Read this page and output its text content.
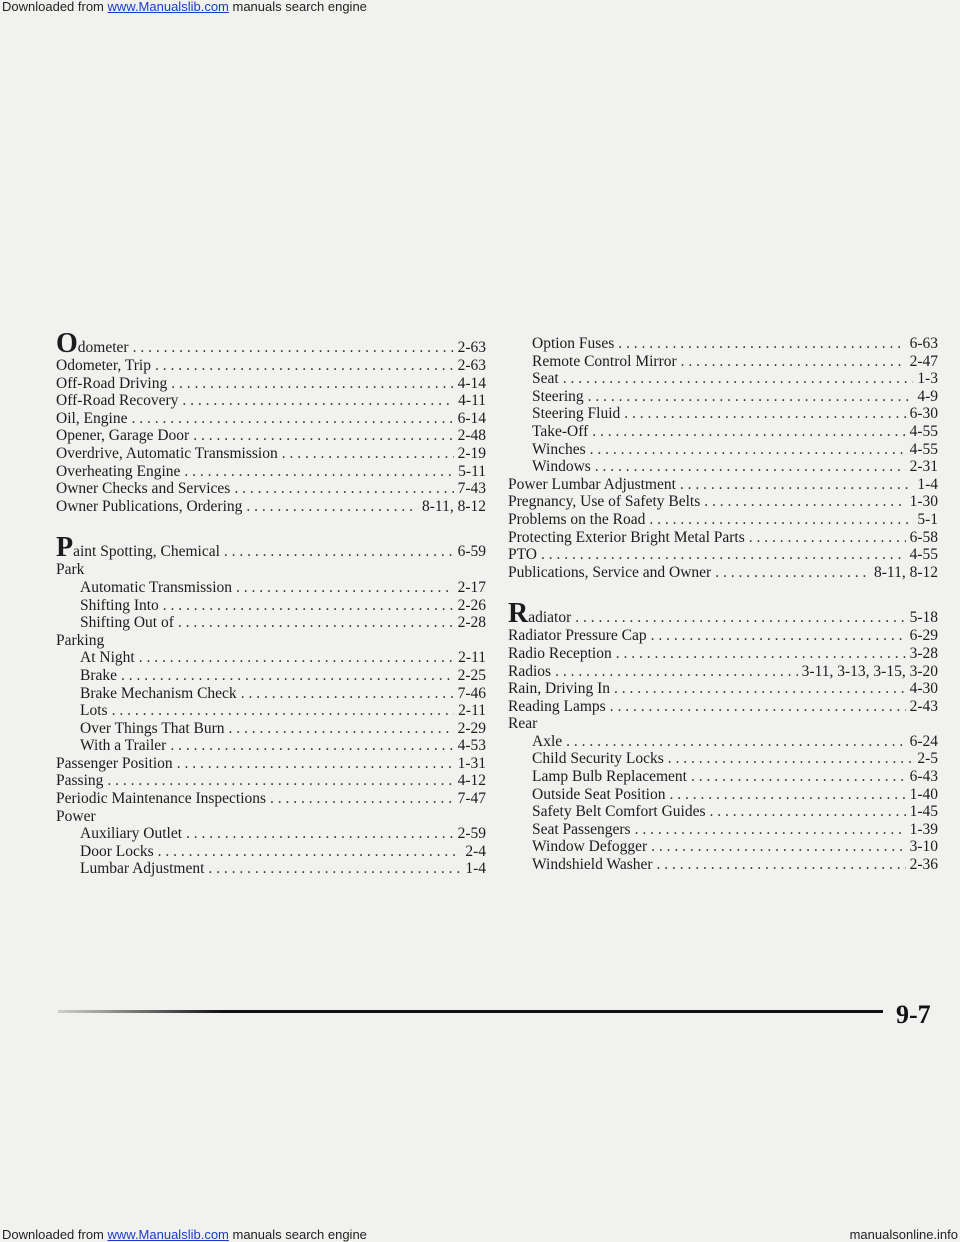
Downloaded from www.Manualslib.com manuals search engine
Odometer . . .	2-63
Odometer, Trip . . .	2-63
Off-Road Driving . . .	4-14
Off-Road Recovery . . .	4-11
Oil, Engine . . .	6-14
Opener, Garage Door . . .	2-48
Overdrive, Automatic Transmission . . .	2-19
Overheating Engine . . .	5-11
Owner Checks and Services . . .	7-43
Owner Publications, Ordering . . .	8-11, 8-12
Paint Spotting, Chemical . . .	6-59
Park
Automatic Transmission . . .	2-17
Shifting Into . . .	2-26
Shifting Out of . . .	2-28
Parking
At Night . . .	2-11
Brake . . .	2-25
Brake Mechanism Check . . .	7-46
Lots . . .	2-11
Over Things That Burn . . .	2-29
With a Trailer . . .	4-53
Passenger Position . . .	1-31
Passing . . .	4-12
Periodic Maintenance Inspections . . .	7-47
Power
Auxiliary Outlet . . .	2-59
Door Locks . . .	2-4
Lumbar Adjustment . . .	1-4
Option Fuses . . .	6-63
Remote Control Mirror . . .	2-47
Seat . . .	1-3
Steering . . .	4-9
Steering Fluid . . .	6-30
Take-Off . . .	4-55
Winches . . .	4-55
Windows . . .	2-31
Power Lumbar Adjustment . . .	1-4
Pregnancy, Use of Safety Belts . . .	1-30
Problems on the Road . . .	5-1
Protecting Exterior Bright Metal Parts . . .	6-58
PTO . . .	4-55
Publications, Service and Owner . . .	8-11, 8-12
Radiator . . .	5-18
Radiator Pressure Cap . . .	6-29
Radio Reception . . .	3-28
Radios . . .	3-11, 3-13, 3-15, 3-20
Rain, Driving In . . .	4-30
Reading Lamps . . .	2-43
Rear
Axle . . .	6-24
Child Security Locks . . .	2-5
Lamp Bulb Replacement . . .	6-43
Outside Seat Position . . .	1-40
Safety Belt Comfort Guides . . .	1-45
Seat Passengers . . .	1-39
Window Defogger . . .	3-10
Windshield Washer . . .	2-36
9-7
Downloaded from www.Manualslib.com manuals search engine	manualsonline.info
